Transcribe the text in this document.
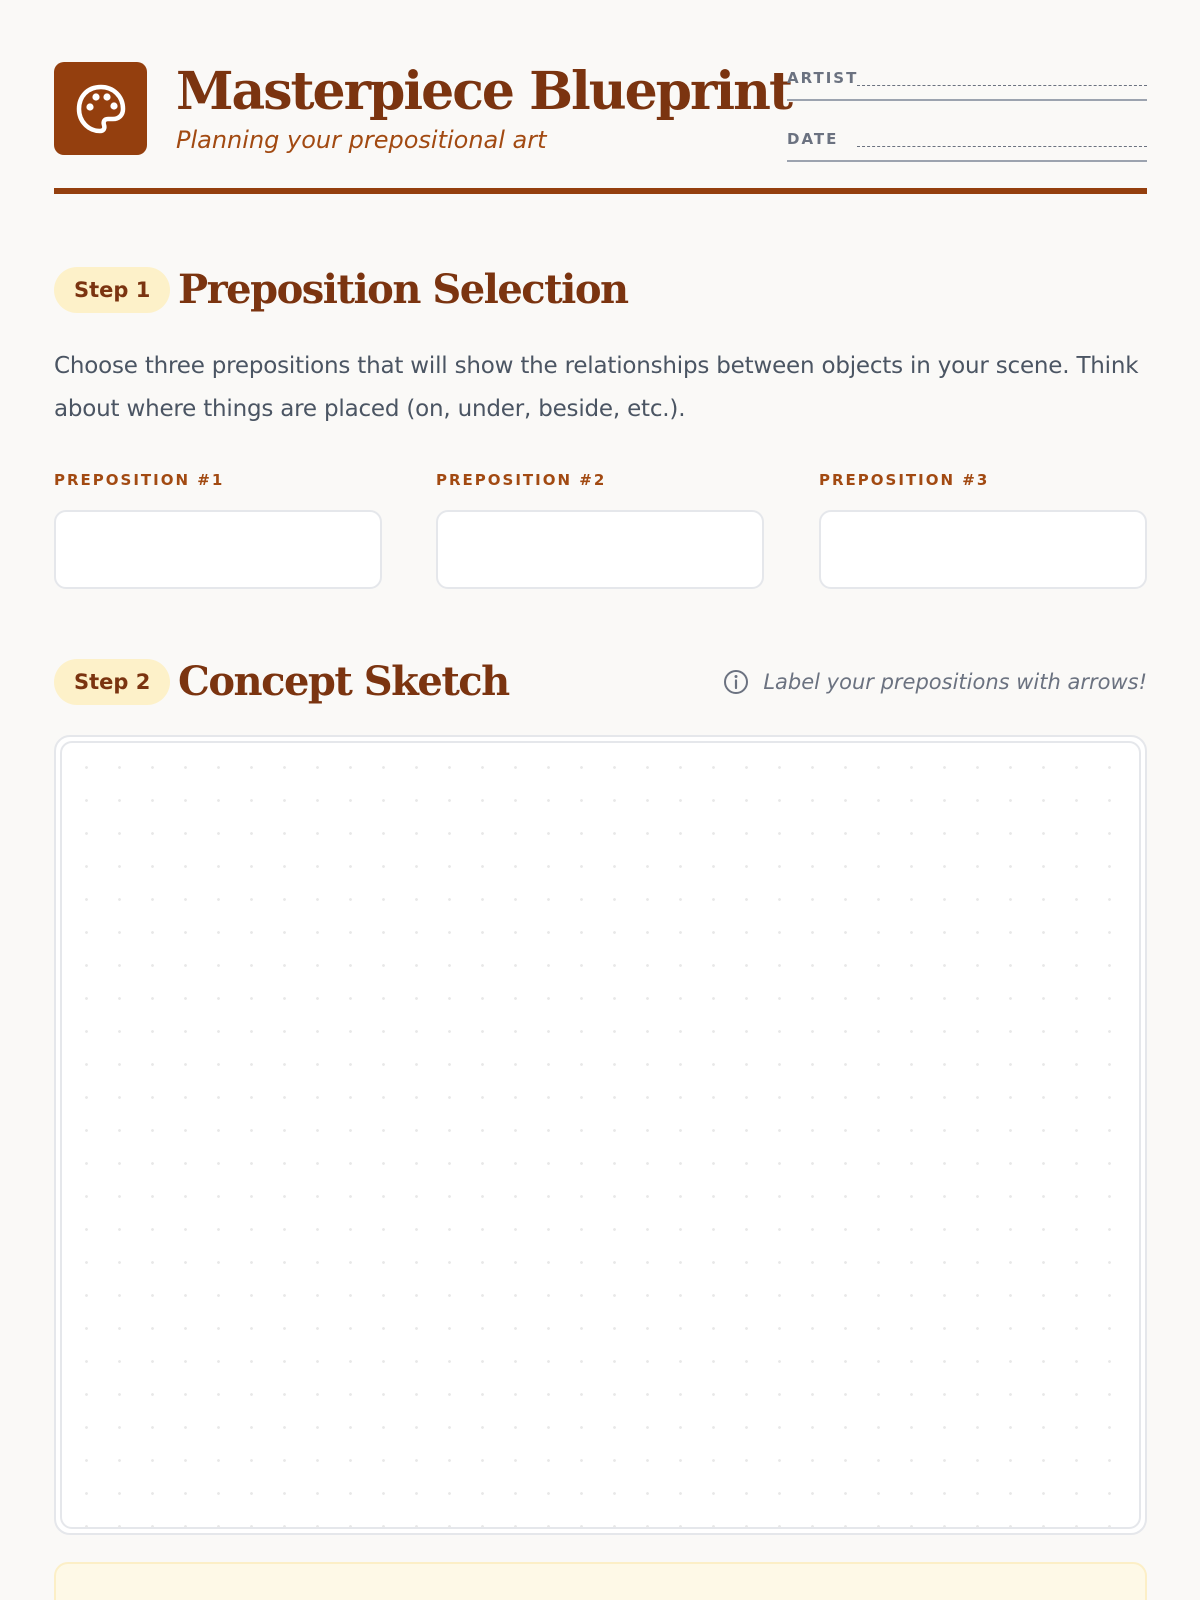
Masterpiece Blueprint
Planning your prepositional art
ARTIST
DATE
Step 1 Preposition Selection
Choose three prepositions that will show the relationships between objects in your scene. Think about where things are placed (on, under, beside, etc.).
PREPOSITION #1	PREPOSITION #2	PREPOSITION #3
Step 2 Concept Sketch	Label your prepositions with arrows!
